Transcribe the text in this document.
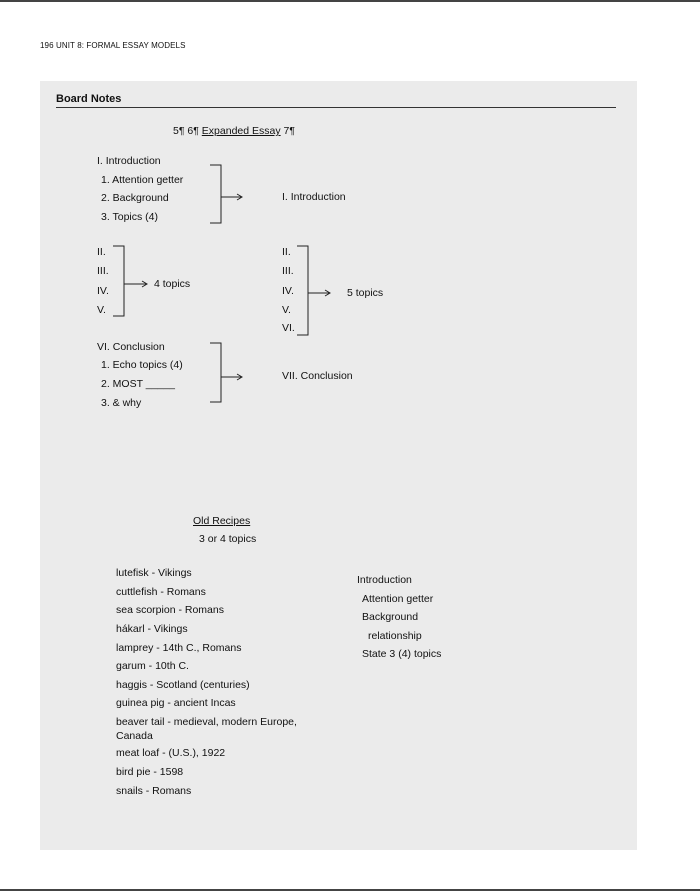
196 UNIT 8: FORMAL ESSAY MODELS
Board Notes
5¶ 6¶ Expanded Essay 7¶
I. Introduction
1. Attention getter
2. Background
3. Topics (4)
I. Introduction
II.
III.
IV.
V.
4 topics
II.
III.
IV.
V.
VI.
5 topics
VI. Conclusion
1. Echo topics (4)
2. MOST _____
3. & why
VII. Conclusion
Old Recipes
3 or 4 topics
lutefisk - Vikings
cuttlefish - Romans
sea scorpion - Romans
hákarl - Vikings
lamprey - 14th C., Romans
garum - 10th C.
haggis - Scotland (centuries)
guinea pig - ancient Incas
beaver tail - medieval, modern Europe, Canada
meat loaf - (U.S.), 1922
bird pie - 1598
snails - Romans
Introduction
Attention getter
Background
relationship
State 3 (4) topics
